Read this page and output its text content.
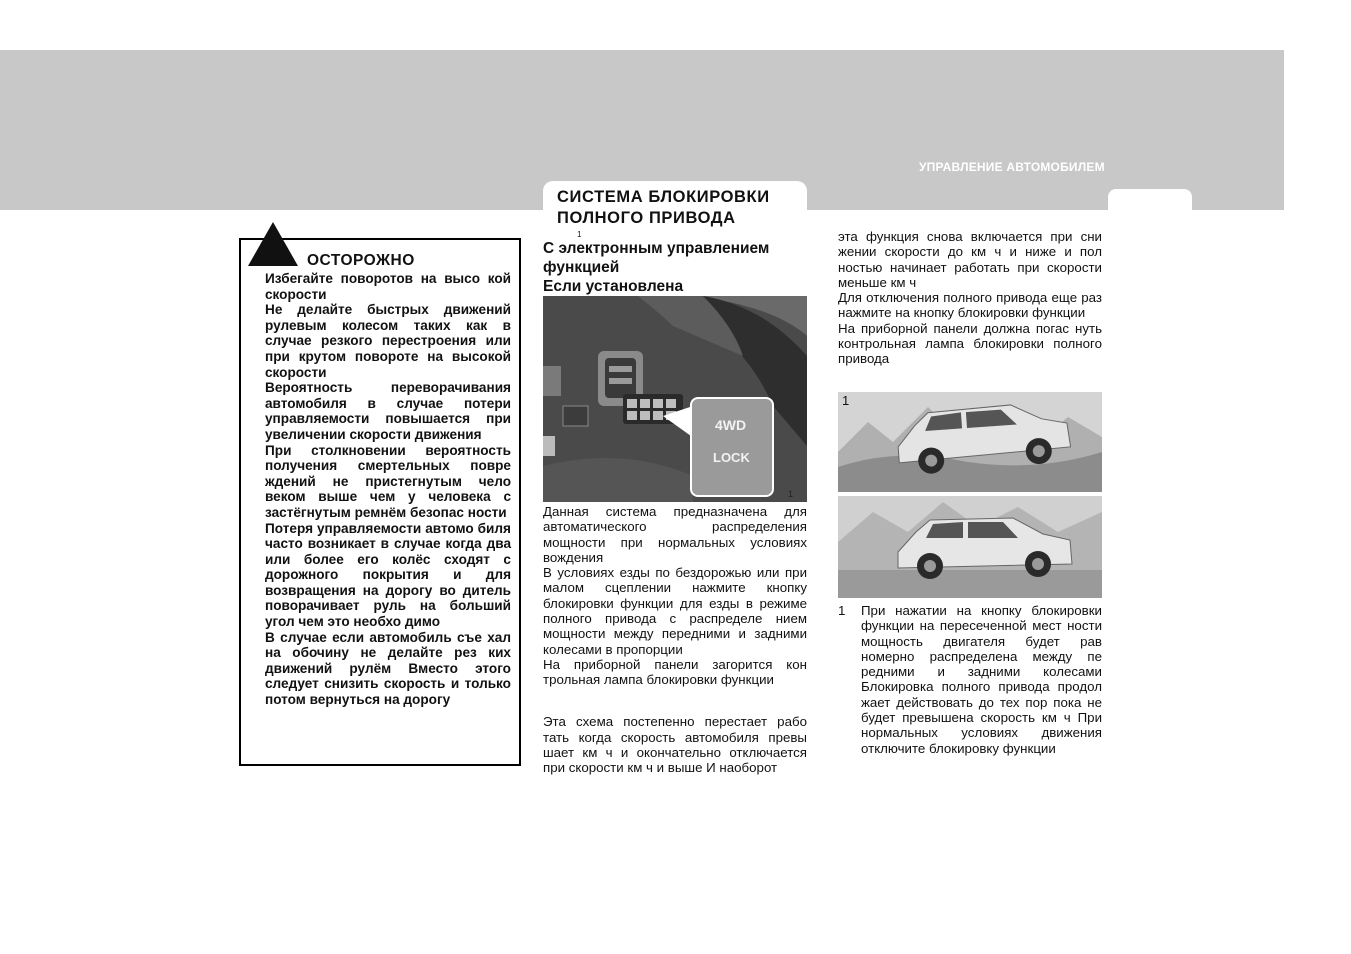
УПРАВЛЕНИЕ АВТОМОБИЛЕМ
СИСТЕМА БЛОКИРОВКИ
ПОЛНОГО ПРИВОДА
1
С электронным управлением
функцией
Если установлена
ОСТОРОЖНО

Избегайте поворотов на высо кой скорости

Не делайте быстрых движений рулевым колесом таких как в случае резкого перестроения или при крутом повороте на высокой скорости

Вероятность переворачивания автомобиля в случае потери управляемости повышается при увеличении скорости движения

При столкновении вероятность получения смертельных повре ждений не пристегнутым чело веком выше чем у человека с застёгнутым ремнём безопас ности

Потеря управляемости автомо биля часто возникает в случае когда два или более его колёс сходят с дорожного покрытия и для возвращения на дорогу во дитель поворачивает руль на больший угол чем это необхо димо

В случае если автомобиль съе хал на обочину не делайте рез ких движений рулём Вместо этого следует снизить скорость и только потом вернуться на дорогу

4WD
LOCK
1

Данная система предназначена для автоматического распределения мощности при нормальных условиях вождения

В условиях езды по бездорожью или при малом сцеплении нажмите кнопку блокировки функции для езды в режиме полного привода с распределе нием мощности между передними и задними колесами в пропорции

На приборной панели загорится кон трольная лампа блокировки функции

Эта схема постепенно перестает рабо тать когда скорость автомобиля превы шает км ч и окончательно отключается при скорости км ч и выше И наоборот

эта функция снова включается при сни жении скорости до км ч и ниже и пол ностью начинает работать при скорости меньше км ч

Для отключения полного привода еще раз нажмите на кнопку блокировки функции

На приборной панели должна погас нуть контрольная лампа блокировки полного привода

1
1 При нажатии на кнопку блокировки функции на пересеченной мест ности мощность двигателя будет рав номерно распределена между пе редними и задними колесами Блокировка полного привода продол жает действовать до тех пор пока не будет превышена скорость км ч При нормальных условиях движения отключите блокировку функции
